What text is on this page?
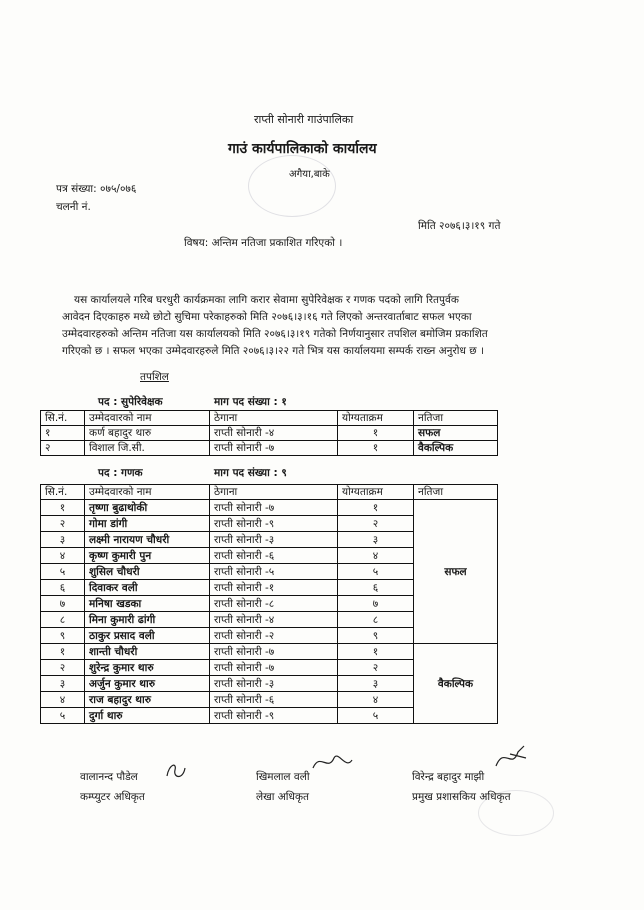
राप्ती सोनारी गाउंपालिका
गाउं कार्यपालिकाको कार्यालय
अगैया,बाके
पत्र संख्या: ०७५/०७६
चलनी नं.
मिति २०७६।३।१९ गते
विषय: अन्तिम नतिजा प्रकाशित गरिएको ।
यस कार्यालयले गरिब घरधुरी कार्यक्रमका लागि करार सेवामा सुपेरिवेक्षक र गणक पदको लागि रितपुर्वक
आवेदन दिएकाहरु मध्ये छोटो सुचिमा परेकाहरुको मिति २०७६।३।१६ गते लिएको अन्तरवार्ताबाट सफल भएका
उम्मेदवारहरुको अन्तिम नतिजा यस कार्यालयको मिति २०७६।३।१९ गतेको निर्णयानुसार तपशिल बमोजिम प्रकाशित
गरिएको छ । सफल भएका उम्मेदवारहरुले मिति २०७६।३।२२ गते भित्र यस कार्यालयमा सम्पर्क राख्न अनुरोध छ ।
तपशिल
पद : सुपेरिवेक्षक	माग पद संख्या : १
सि.नं.	उम्मेदवारको नाम	ठेगाना	योग्यताक्रम	नतिजा
१	कर्ण बहादुर थारु	राप्ती सोनारी -४	१	सफल
२	विशाल जि.सी.	राप्ती सोनारी -७	१	वैकल्पिक
पद : गणक	माग पद संख्या : ९
सि.नं.	उम्मेदवारको नाम	ठेगाना	योग्यताक्रम	नतिजा
१	तृष्णा बुढाथोकी	राप्ती सोनारी -७	१	सफल
२	गोमा डांगी	राप्ती सोनारी -९	२	
३	लक्ष्मी नारायण चौधरी	राप्ती सोनारी -३	३	
४	कृष्ण कुमारी पुन	राप्ती सोनारी -६	४	
५	शुसिल चौधरी	राप्ती सोनारी -५	५	
६	दिवाकर वली	राप्ती सोनारी -१	६	
७	मनिषा खडका	राप्ती सोनारी -८	७	
८	मिना कुमारी ढांगी	राप्ती सोनारी -४	८	
९	ठाकुर प्रसाद वली	राप्ती सोनारी -२	९	
१	शान्ती चौधरी	राप्ती सोनारी -७	१	वैकल्पिक
२	शुरेन्द्र कुमार थारु	राप्ती सोनारी -७	२	
३	अर्जुन कुमार थारु	राप्ती सोनारी -३	३	
४	राज बहादुर थारु	राप्ती सोनारी -६	४	
५	दुर्गा थारु	राप्ती सोनारी -९	५	
वालानन्द पौडेल
कम्प्युटर अधिकृत
खिमलाल वली
लेखा अधिकृत
विरेन्द्र बहादुर माझी
प्रमुख प्रशासकिय अधिकृत
